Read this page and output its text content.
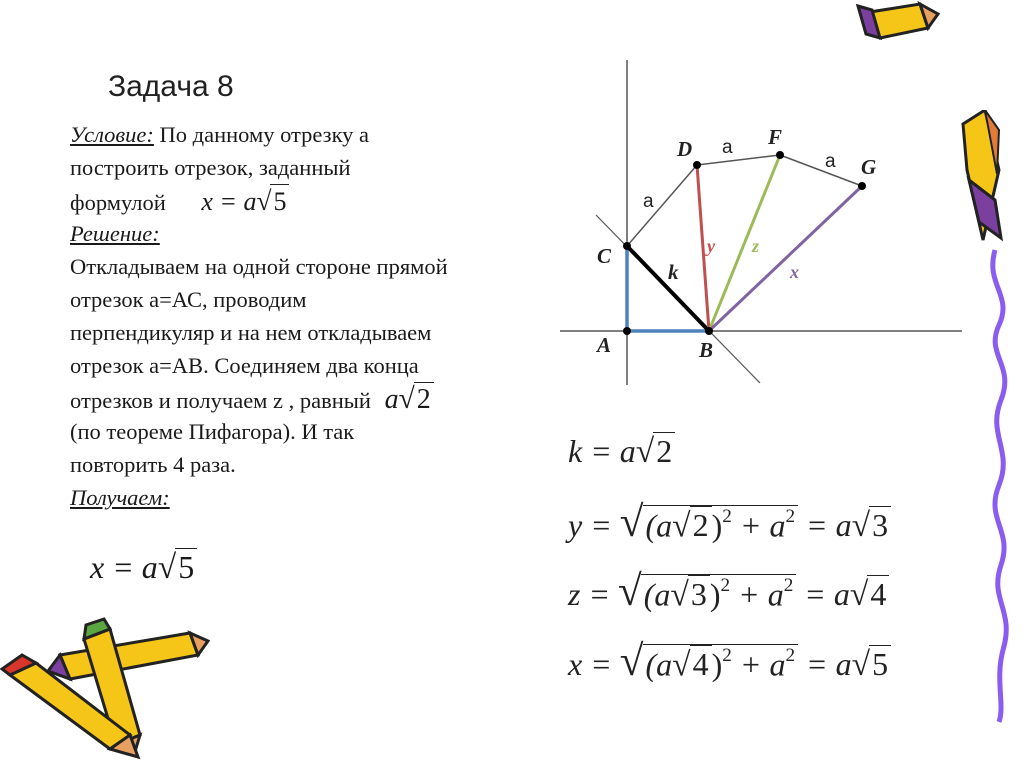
Задача 8
Условие: По данному отрезку а
построить отрезок, заданный
формулой x = a√5
Решение:
Откладываем на одной стороне прямой
отрезок а=АС, проводим
перпендикуляр и на нем откладываем
отрезок а=АВ. Соединяем два конца
отрезков и получаем z , равный a√2
(по теореме Пифагора). И так
повторить 4 раза.
Получаем:
x = a√5
C
A	B
D	F
G
k
y z
x
a
a
a
k = a√2
$y = √(a√2)^2 + a^2 = a√3$
$z = √(a√3)^2 + a^2 = a√4$
$x = √(a√4)^2 + a^2 = a√5$
